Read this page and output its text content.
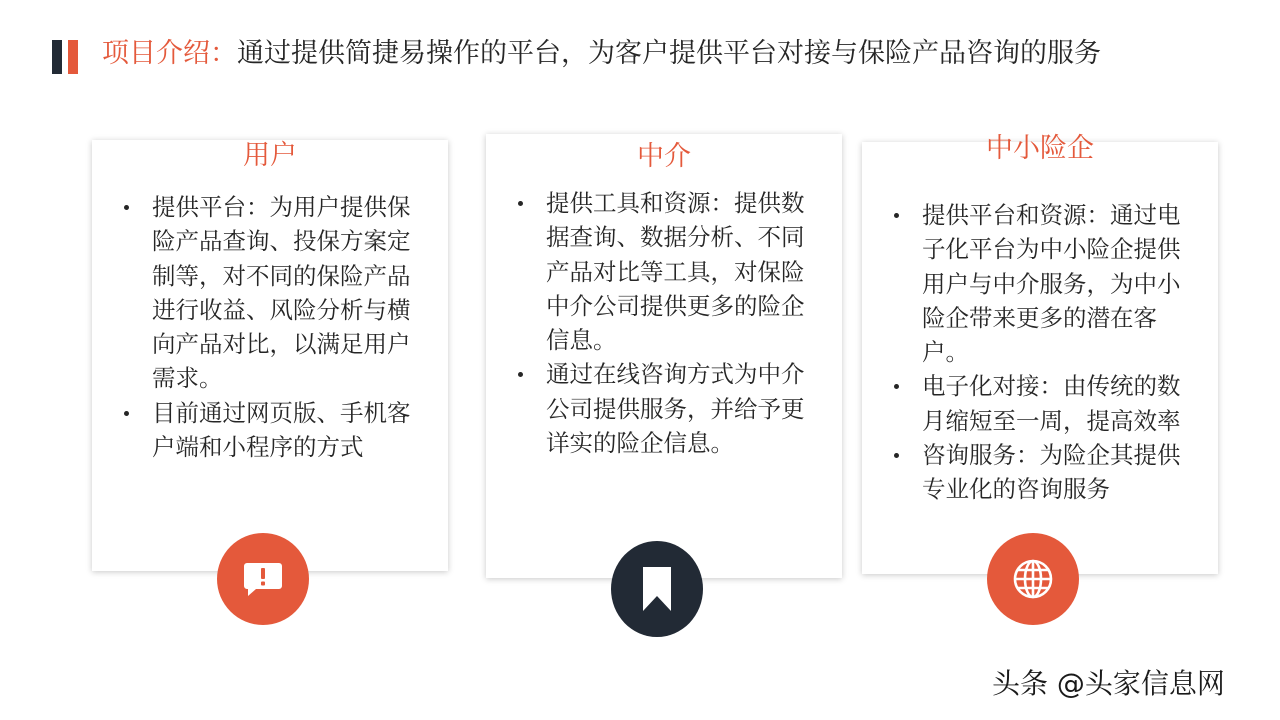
项目介绍：通过提供简捷易操作的平台，为客户提供平台对接与保险产品咨询的服务
用户
提供平台：为用户提供保险产品查询、投保方案定制等，对不同的保险产品进行收益、风险分析与横向产品对比，以满足用户需求。
目前通过网页版、手机客户端和小程序的方式
中介
提供工具和资源：提供数据查询、数据分析、不同产品对比等工具，对保险中介公司提供更多的险企信息。
通过在线咨询方式为中介公司提供服务，并给予更详实的险企信息。
中小险企
提供平台和资源：通过电子化平台为中小险企提供用户与中介服务，为中小险企带来更多的潜在客户。
电子化对接：由传统的数月缩短至一周，提高效率
咨询服务：为险企其提供专业化的咨询服务
头条 @头家信息网
